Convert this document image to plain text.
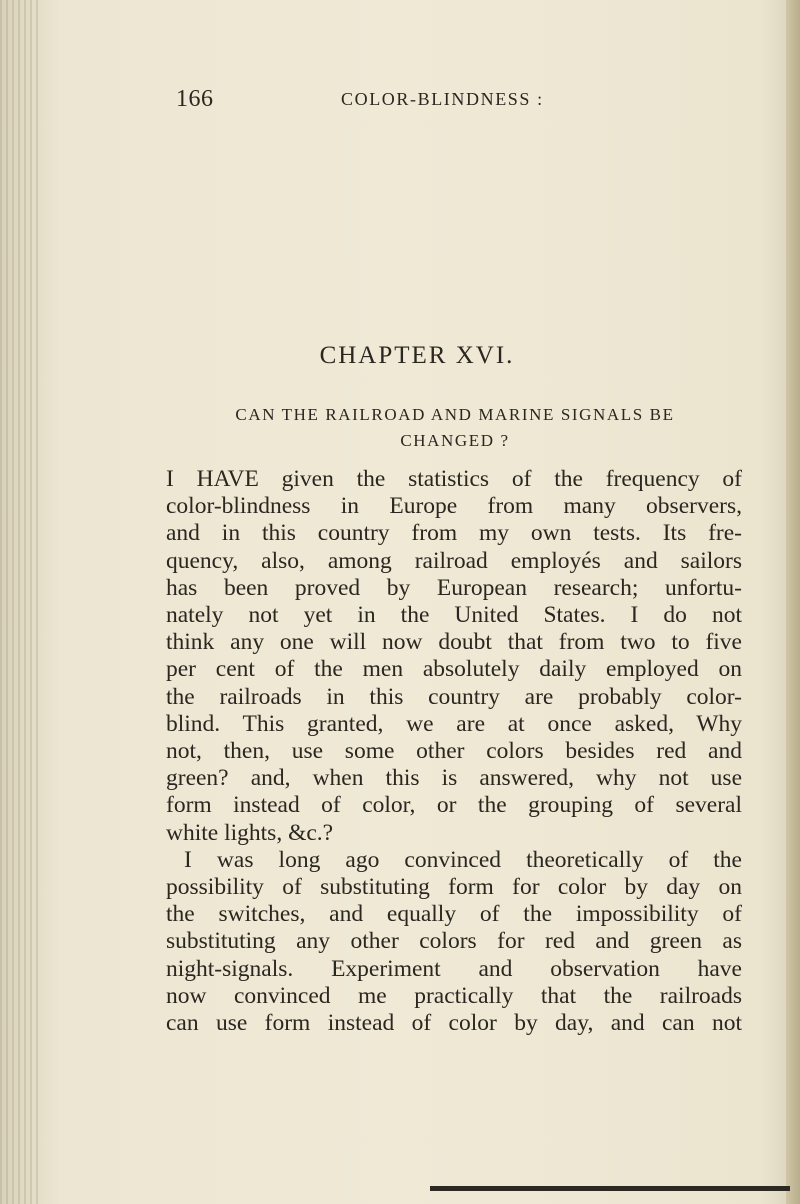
166	COLOR-BLINDNESS :
CHAPTER XVI.
CAN THE RAILROAD AND MARINE SIGNALS BE
CHANGED ?
I HAVE given the statistics of the frequency of
color-blindness in Europe from many observers,
and in this country from my own tests. Its fre-
quency, also, among railroad employés and sailors
has been proved by European research; unfortu-
nately not yet in the United States. I do not
think any one will now doubt that from two to five
per cent of the men absolutely daily employed on
the railroads in this country are probably color-
blind. This granted, we are at once asked, Why
not, then, use some other colors besides red and
green? and, when this is answered, why not use
form instead of color, or the grouping of several
white lights, &c.?
I was long ago convinced theoretically of the
possibility of substituting form for color by day on
the switches, and equally of the impossibility of
substituting any other colors for red and green as
night-signals. Experiment and observation have
now convinced me practically that the railroads
can use form instead of color by day, and can not
